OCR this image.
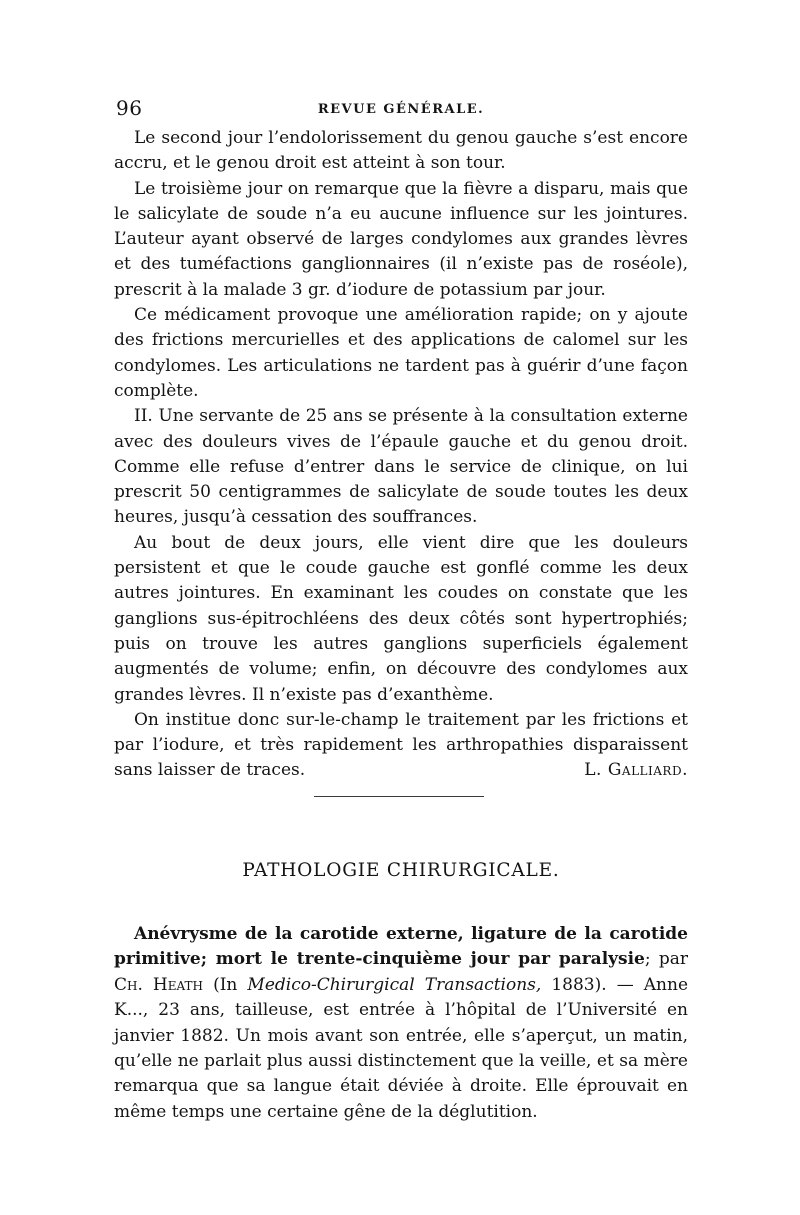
96	REVUE GÉNÉRALE.

Le second jour l’endolorissement du genou gauche s’est encore accru, et le genou droit est atteint à son tour.

Le troisième jour on remarque que la fièvre a disparu, mais que le salicylate de soude n’a eu aucune influence sur les jointures. L’auteur ayant observé de larges condylomes aux grandes lèvres et des tuméfactions ganglionnaires (il n’existe pas de roséole), prescrit à la malade 3 gr. d’iodure de potassium par jour.

Ce médicament provoque une amélioration rapide; on y ajoute des frictions mercurielles et des applications de calomel sur les condylomes. Les articulations ne tardent pas à guérir d’une façon complète.

II. Une servante de 25 ans se présente à la consultation externe avec des douleurs vives de l’épaule gauche et du genou droit. Comme elle refuse d’entrer dans le service de clinique, on lui prescrit 50 centigrammes de salicylate de soude toutes les deux heures, jusqu’à cessation des souffrances.

Au bout de deux jours, elle vient dire que les douleurs persistent et que le coude gauche est gonflé comme les deux autres jointures. En examinant les coudes on constate que les ganglions sus-épitrochléens des deux côtés sont hypertrophiés; puis on trouve les autres ganglions superficiels également augmentés de volume; enfin, on découvre des condylomes aux grandes lèvres. Il n’existe pas d’exanthème.

On institue donc sur-le-champ le traitement par les frictions et par l’iodure, et très rapidement les arthropathies disparaissent sans laisser de traces.	L. Galliard.

PATHOLOGIE CHIRURGICALE.

Anévrysme de la carotide externe, ligature de la carotide primitive; mort le trente-cinquième jour par paralysie; par Ch. Heath (In Medico-Chirurgical Transactions, 1883). — Anne K..., 23 ans, tailleuse, est entrée à l’hôpital de l’Université en janvier 1882. Un mois avant son entrée, elle s’aperçut, un matin, qu’elle ne parlait plus aussi distinctement que la veille, et sa mère remarqua que sa langue était déviée à droite. Elle éprouvait en même temps une certaine gêne de la déglutition.
